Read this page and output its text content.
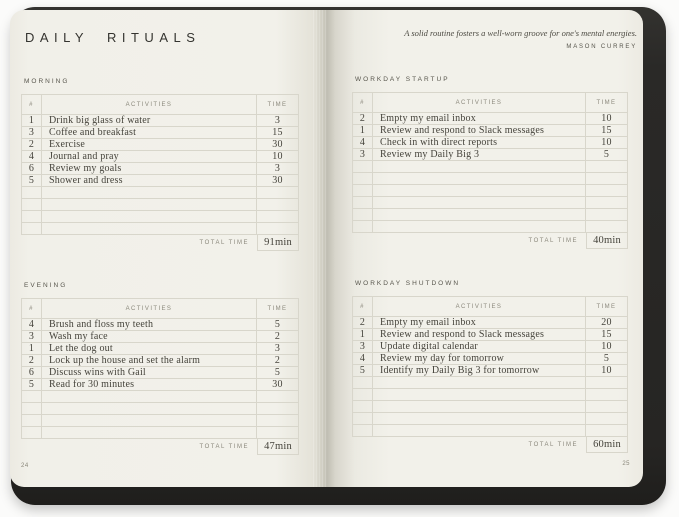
DAILY RITUALS	A solid routine fosters a well-worn groove for one's mental energies.
MASON CURREY
MORNING
#	ACTIVITIES	TIME
1	Drink big glass of water	3
3	Coffee and breakfast	15
2	Exercise	30
4	Journal and pray	10
6	Review my goals	3
5	Shower and dress	30
TOTAL TIME	91min
WORKDAY STARTUP
#	ACTIVITIES	TIME
2	Empty my email inbox	10
1	Review and respond to Slack messages	15
4	Check in with direct reports	10
3	Review my Daily Big 3	5
TOTAL TIME	40min
EVENING
#	ACTIVITIES	TIME
4	Brush and floss my teeth	5
3	Wash my face	2
1	Let the dog out	3
2	Lock up the house and set the alarm	2
6	Discuss wins with Gail	5
5	Read for 30 minutes	30
TOTAL TIME	47min
WORKDAY SHUTDOWN
#	ACTIVITIES	TIME
2	Empty my email inbox	20
1	Review and respond to Slack messages	15
3	Update digital calendar	10
4	Review my day for tomorrow	5
5	Identify my Daily Big 3 for tomorrow	10
TOTAL TIME	60min
24	25
